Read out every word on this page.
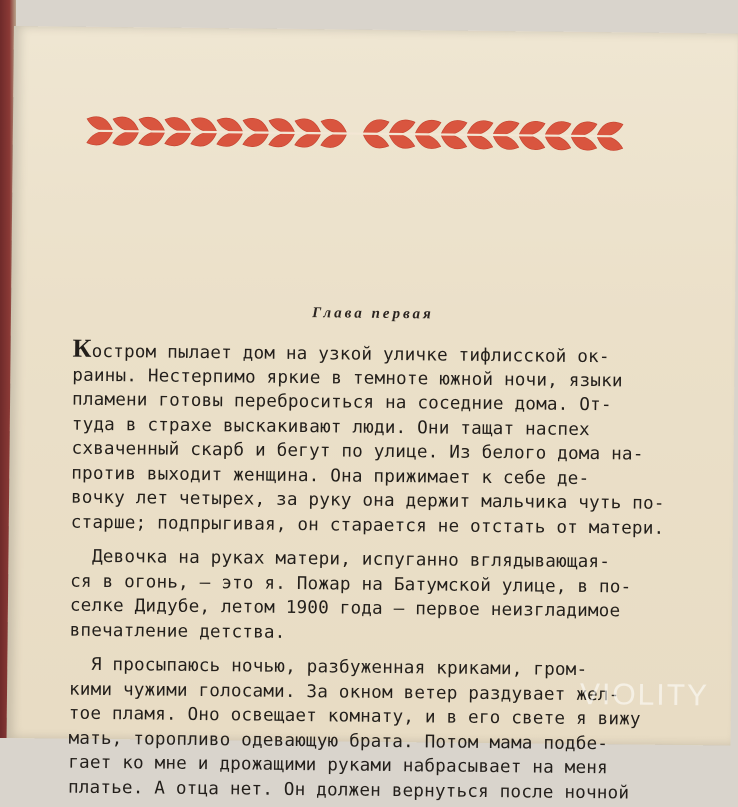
Глава первая
Костром пылает дом на узкой уличке тифлисской ок-
раины. Нестерпимо яркие в темноте южной ночи, языки
пламени готовы переброситься на соседние дома. От-
туда в страхе выскакивают люди. Они тащат наспех
схваченный скарб и бегут по улице. Из белого дома на-
против выходит женщина. Она прижимает к себе де-
вочку лет четырех, за руку она держит мальчика чуть по-
старше; подпрыгивая, он старается не отстать от матери.
Девочка на руках матери, испуганно вглядывающая-
ся в огонь, — это я. Пожар на Батумской улице, в по-
селке Дидубе, летом 1900 года — первое неизгладимое
впечатление детства.
Я просыпаюсь ночью, разбуженная криками, гром-
кими чужими голосами. За окном ветер раздувает жел-
тое пламя. Оно освещает комнату, и в его свете я вижу
мать, торопливо одевающую брата. Потом мама подбе-
гает ко мне и дрожащими руками набрасывает на меня
платье. А отца нет. Он должен вернуться после ночной
VIOLITY
